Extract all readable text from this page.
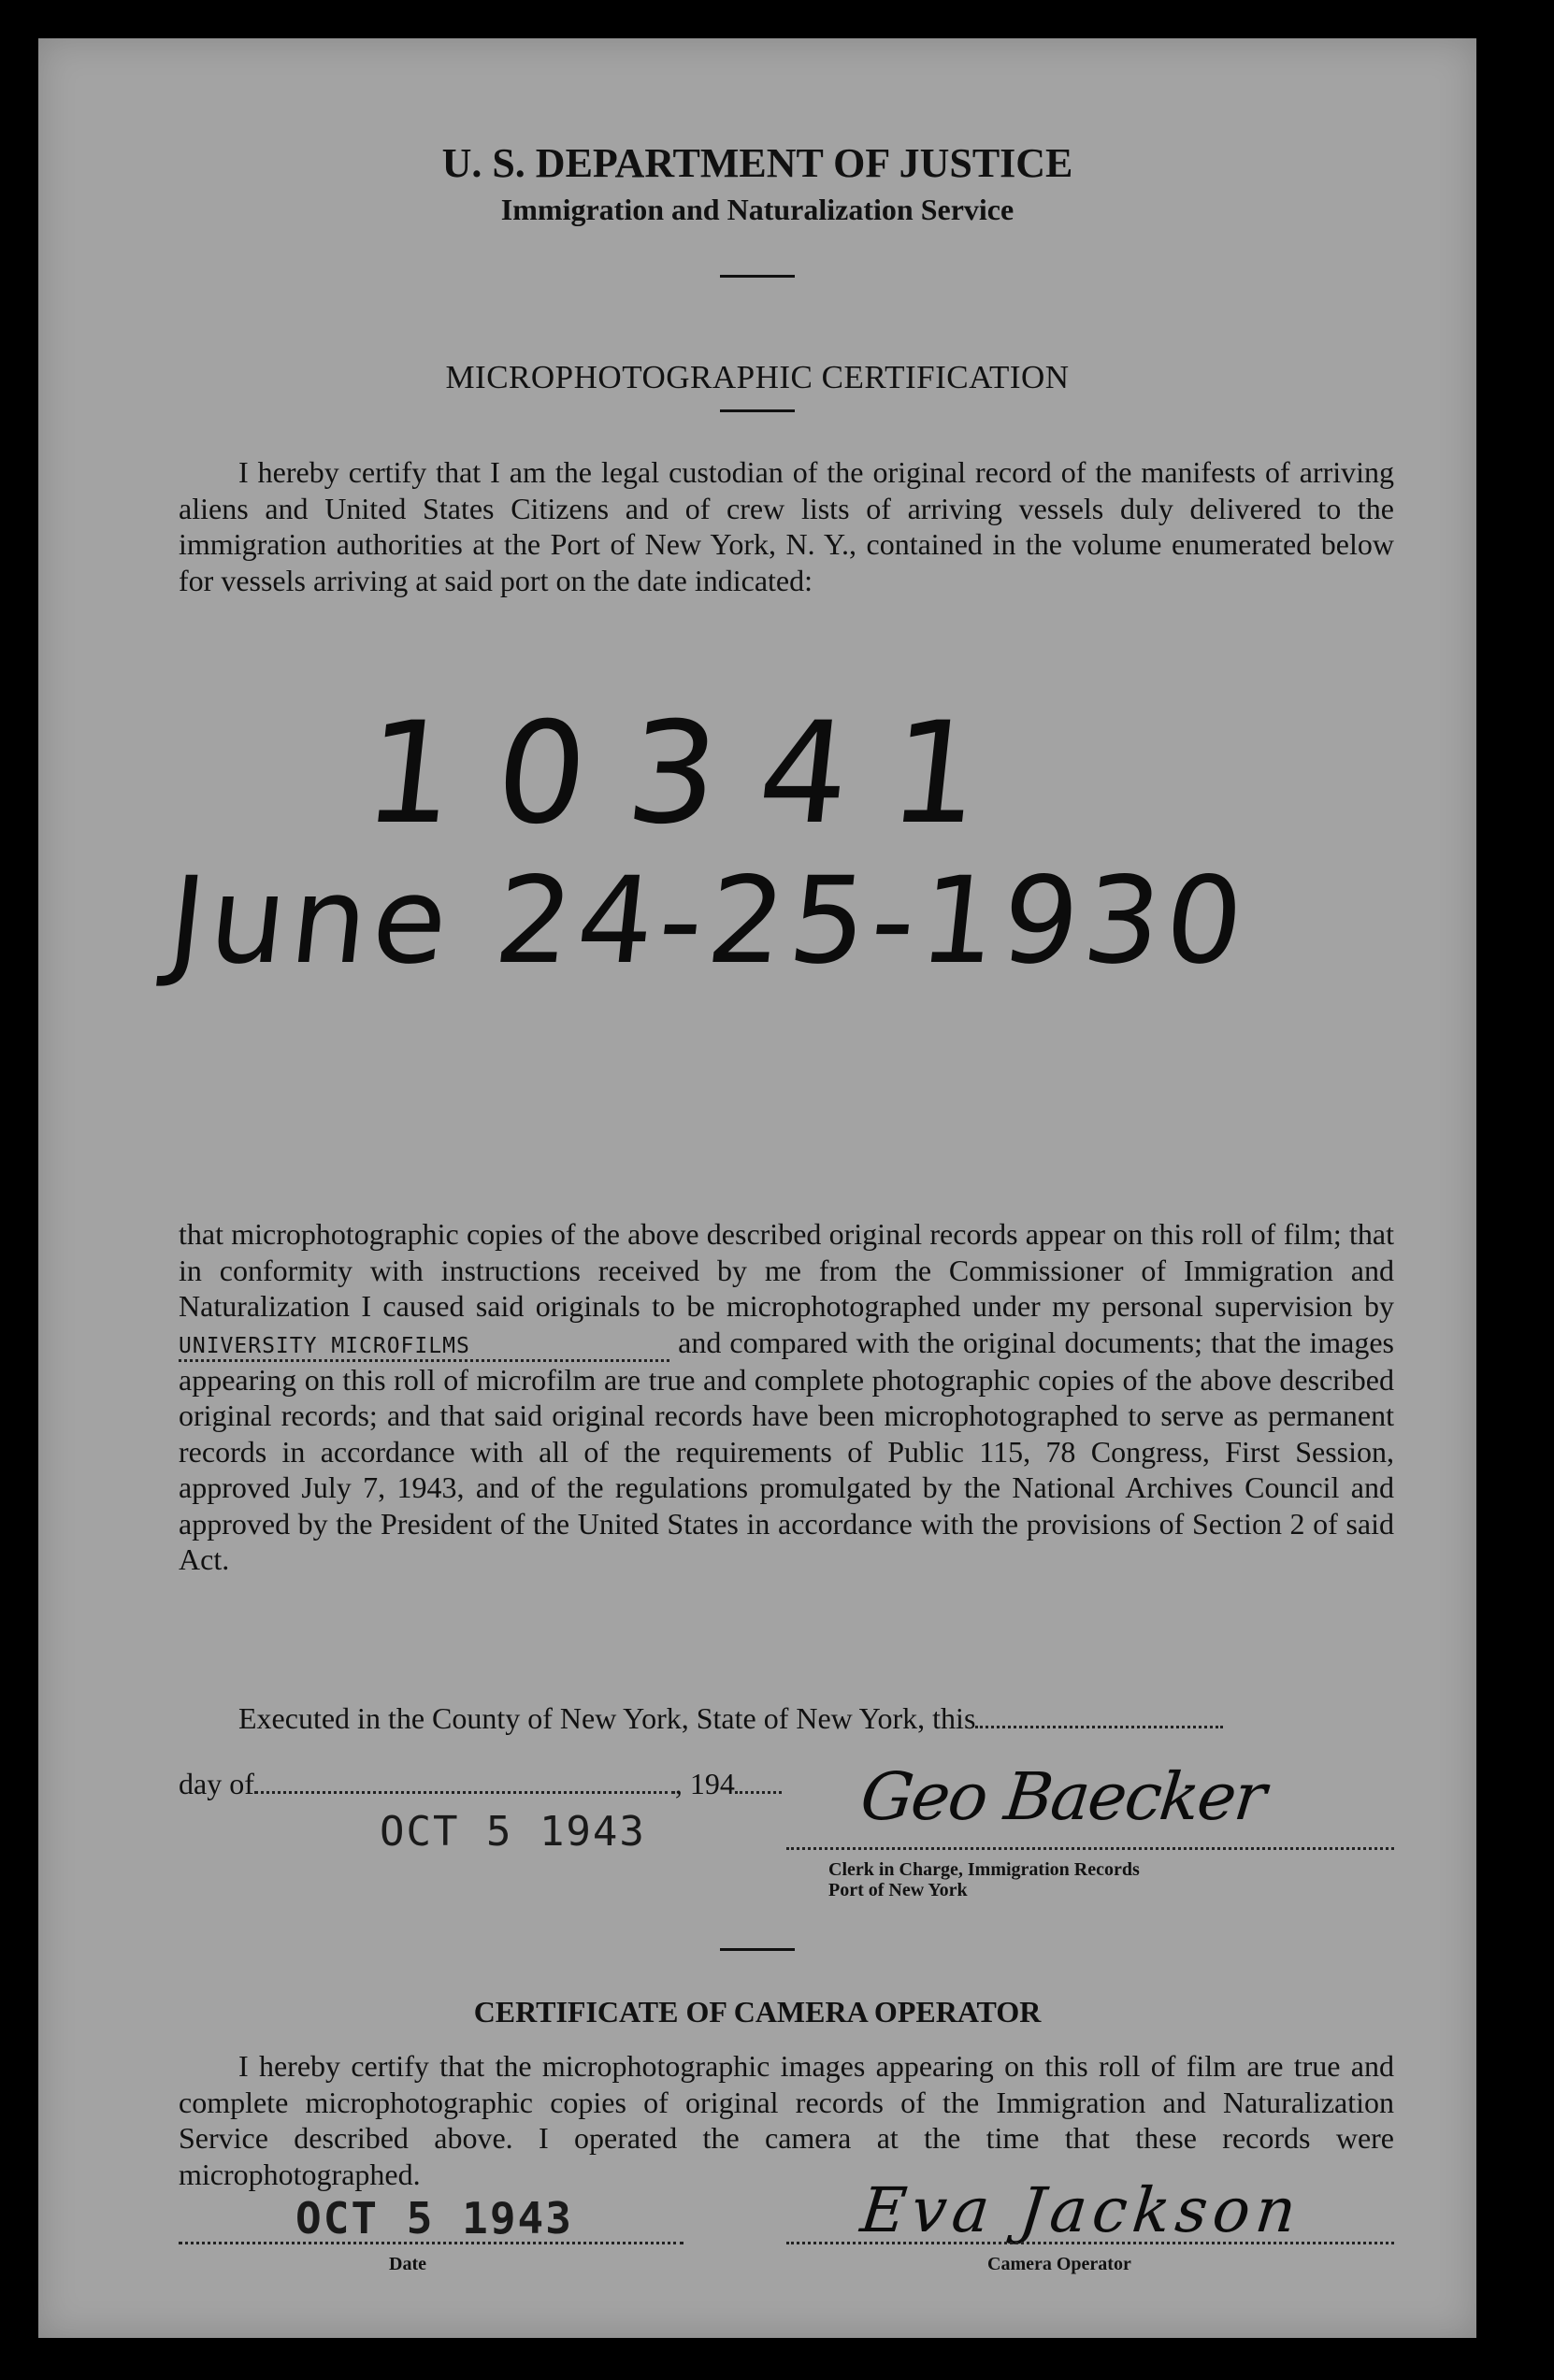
U. S. DEPARTMENT OF JUSTICE
Immigration and Naturalization Service
MICROPHOTOGRAPHIC CERTIFICATION
I hereby certify that I am the legal custodian of the original record of the manifests of arriving aliens and United States Citizens and of crew lists of arriving vessels duly delivered to the immigration authorities at the Port of New York, N. Y., contained in the volume enumerated below for vessels arriving at said port on the date indicated:
10341
June 24-25-1930
that microphotographic copies of the above described original records appear on this roll of film; that in conformity with instructions received by me from the Commissioner of Immigration and Naturalization I caused said originals to be microphotographed under my personal supervision by UNIVERSITY MICROFILMS	and compared with the original documents; that the images appearing on this roll of microfilm are true and complete photographic copies of the above described original records; and that said original records have been microphotographed to serve as permanent records in accordance with all of the requirements of Public 115, 78 Congress, First Session, approved July 7, 1943, and of the regulations promulgated by the National Archives Council and approved by the President of the United States in accordance with the provisions of Section 2 of said Act.
Executed in the County of New York, State of New York, this
day of	, 194
OCT 5 1943	Geo Baecker
Clerk in Charge, Immigration Records
Port of New York
CERTIFICATE OF CAMERA OPERATOR
I hereby certify that the microphotographic images appearing on this roll of film are true and complete microphotographic copies of original records of the Immigration and Naturalization Service described above. I operated the camera at the time that these records were microphotographed.
OCT 5 1943
Date
Eva Jackson
Camera Operator
